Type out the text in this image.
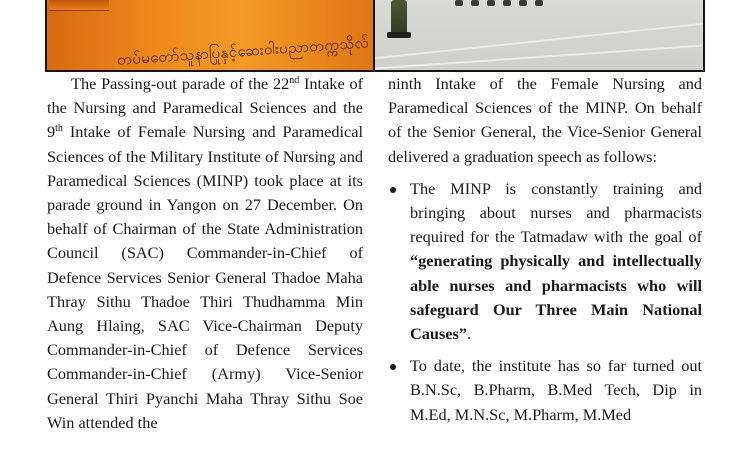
တပ်မတော်သူနာပြုနှင့်ဆေးဝါးပညာတက္ကသိုလ်

The Passing-out parade of the 22nd Intake of the Nursing and Paramedical Sciences and the 9th Intake of Female Nursing and Paramedical Sciences of the Military Institute of Nursing and Paramedical Sciences (MINP) took place at its parade ground in Yangon on 27 December. On behalf of Chairman of the State Administration Council (SAC) Commander-in-Chief of Defence Services Senior General Thadoe Maha Thray Sithu Thadoe Thiri Thudhamma Min Aung Hlaing, SAC Vice-Chairman Deputy Commander-in-Chief of Defence Services Commander-in-Chief (Army) Vice-Senior General Thiri Pyanchi Maha Thray Sithu Soe Win attended the

ninth Intake of the Female Nursing and Paramedical Sciences of the MINP. On behalf of the Senior General, the Vice-Senior General delivered a graduation speech as follows:

The MINP is constantly training and bringing about nurses and pharmacists required for the Tatmadaw with the goal of “generating physically and intellectually able nurses and pharmacists who will safeguard Our Three Main National Causes”.
To date, the institute has so far turned out B.N.Sc, B.Pharm, B.Med Tech, Dip in M.Ed, M.N.Sc, M.Pharm, M.Med
